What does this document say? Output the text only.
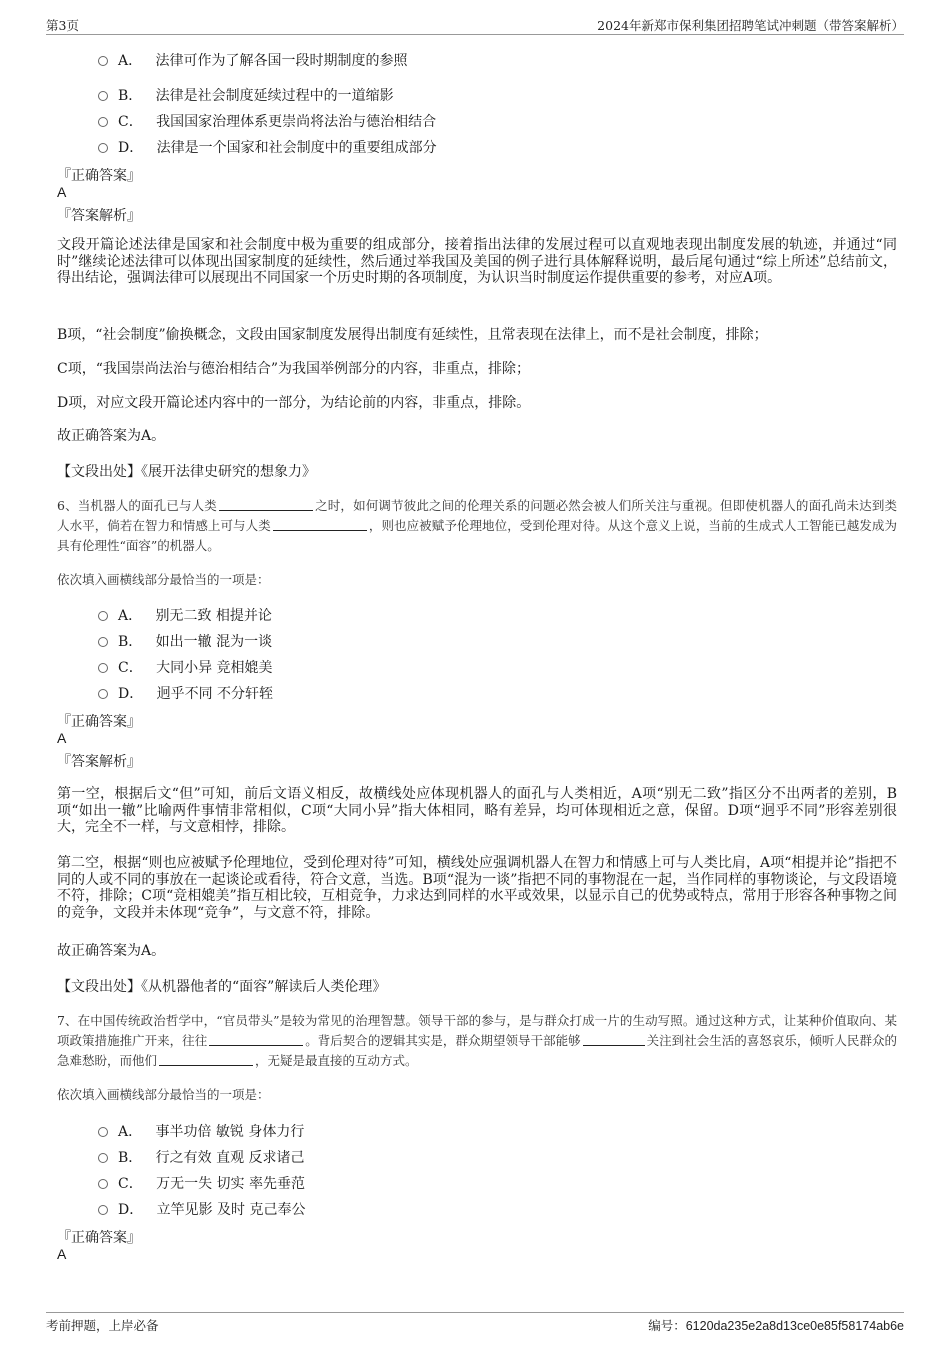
第3页	2024年新郑市保利集团招聘笔试冲刺题（带答案解析）
A． 法律可作为了解各国一段时期制度的参照
B． 法律是社会制度延续过程中的一道缩影
C． 我国国家治理体系更崇尚将法治与德治相结合
D． 法律是一个国家和社会制度中的重要组成部分
『正确答案』
A
『答案解析』
文段开篇论述法律是国家和社会制度中极为重要的组成部分，接着指出法律的发展过程可以直观地表现出制度发展的轨迹，并通过“同时”继续论述法律可以体现出国家制度的延续性，然后通过举我国及美国的例子进行具体解释说明，最后尾句通过“综上所述”总结前文，得出结论，强调法律可以展现出不同国家一个历史时期的各项制度，为认识当时制度运作提供重要的参考，对应A项。
B项，“社会制度”偷换概念，文段由国家制度发展得出制度有延续性，且常表现在法律上，而不是社会制度，排除；
C项，“我国崇尚法治与德治相结合”为我国举例部分的内容，非重点，排除；
D项，对应文段开篇论述内容中的一部分，为结论前的内容，非重点，排除。
故正确答案为A。
【文段出处】《展开法律史研究的想象力》
6、当机器人的面孔已与人类	之时，如何调节彼此之间的伦理关系的问题必然会被人们所关注与重视。但即使机器人的面孔尚未达到类人水平，倘若在智力和情感上可与人类	，则也应被赋予伦理地位，受到伦理对待。从这个意义上说，当前的生成式人工智能已越发成为具有伦理性“面容”的机器人。
依次填入画横线部分最恰当的一项是：
A． 别无二致 相提并论
B． 如出一辙 混为一谈
C． 大同小异 竞相媲美
D． 迥乎不同 不分轩轾
『正确答案』
A
『答案解析』
第一空，根据后文“但”可知，前后文语义相反，故横线处应体现机器人的面孔与人类相近，A项“别无二致”指区分不出两者的差别，B项“如出一辙”比喻两件事情非常相似，C项“大同小异”指大体相同，略有差异，均可体现相近之意，保留。D项“迥乎不同”形容差别很大，完全不一样，与文意相悖，排除。
第二空，根据“则也应被赋予伦理地位，受到伦理对待”可知，横线处应强调机器人在智力和情感上可与人类比肩，A项“相提并论”指把不同的人或不同的事放在一起谈论或看待，符合文意，当选。B项“混为一谈”指把不同的事物混在一起，当作同样的事物谈论，与文段语境不符，排除；C项“竞相媲美”指互相比较，互相竞争，力求达到同样的水平或效果，以显示自己的优势或特点，常用于形容各种事物之间的竞争，文段并未体现“竞争”，与文意不符，排除。
故正确答案为A。
【文段出处】《从机器他者的“面容”解读后人类伦理》
7、在中国传统政治哲学中，“官员带头”是较为常见的治理智慧。领导干部的参与，是与群众打成一片的生动写照。通过这种方式，让某种价值取向、某项政策措施推广开来，往往	。背后契合的逻辑其实是，群众期望领导干部能够	关注到社会生活的喜怒哀乐，倾听人民群众的急难愁盼，而他们	，无疑是最直接的互动方式。
依次填入画横线部分最恰当的一项是：
A． 事半功倍 敏锐 身体力行
B． 行之有效 直观 反求诸己
C． 万无一失 切实 率先垂范
D． 立竿见影 及时 克己奉公
『正确答案』
A
考前押题，上岸必备	编号：6120da235e2a8d13ce0e85f58174ab6e
